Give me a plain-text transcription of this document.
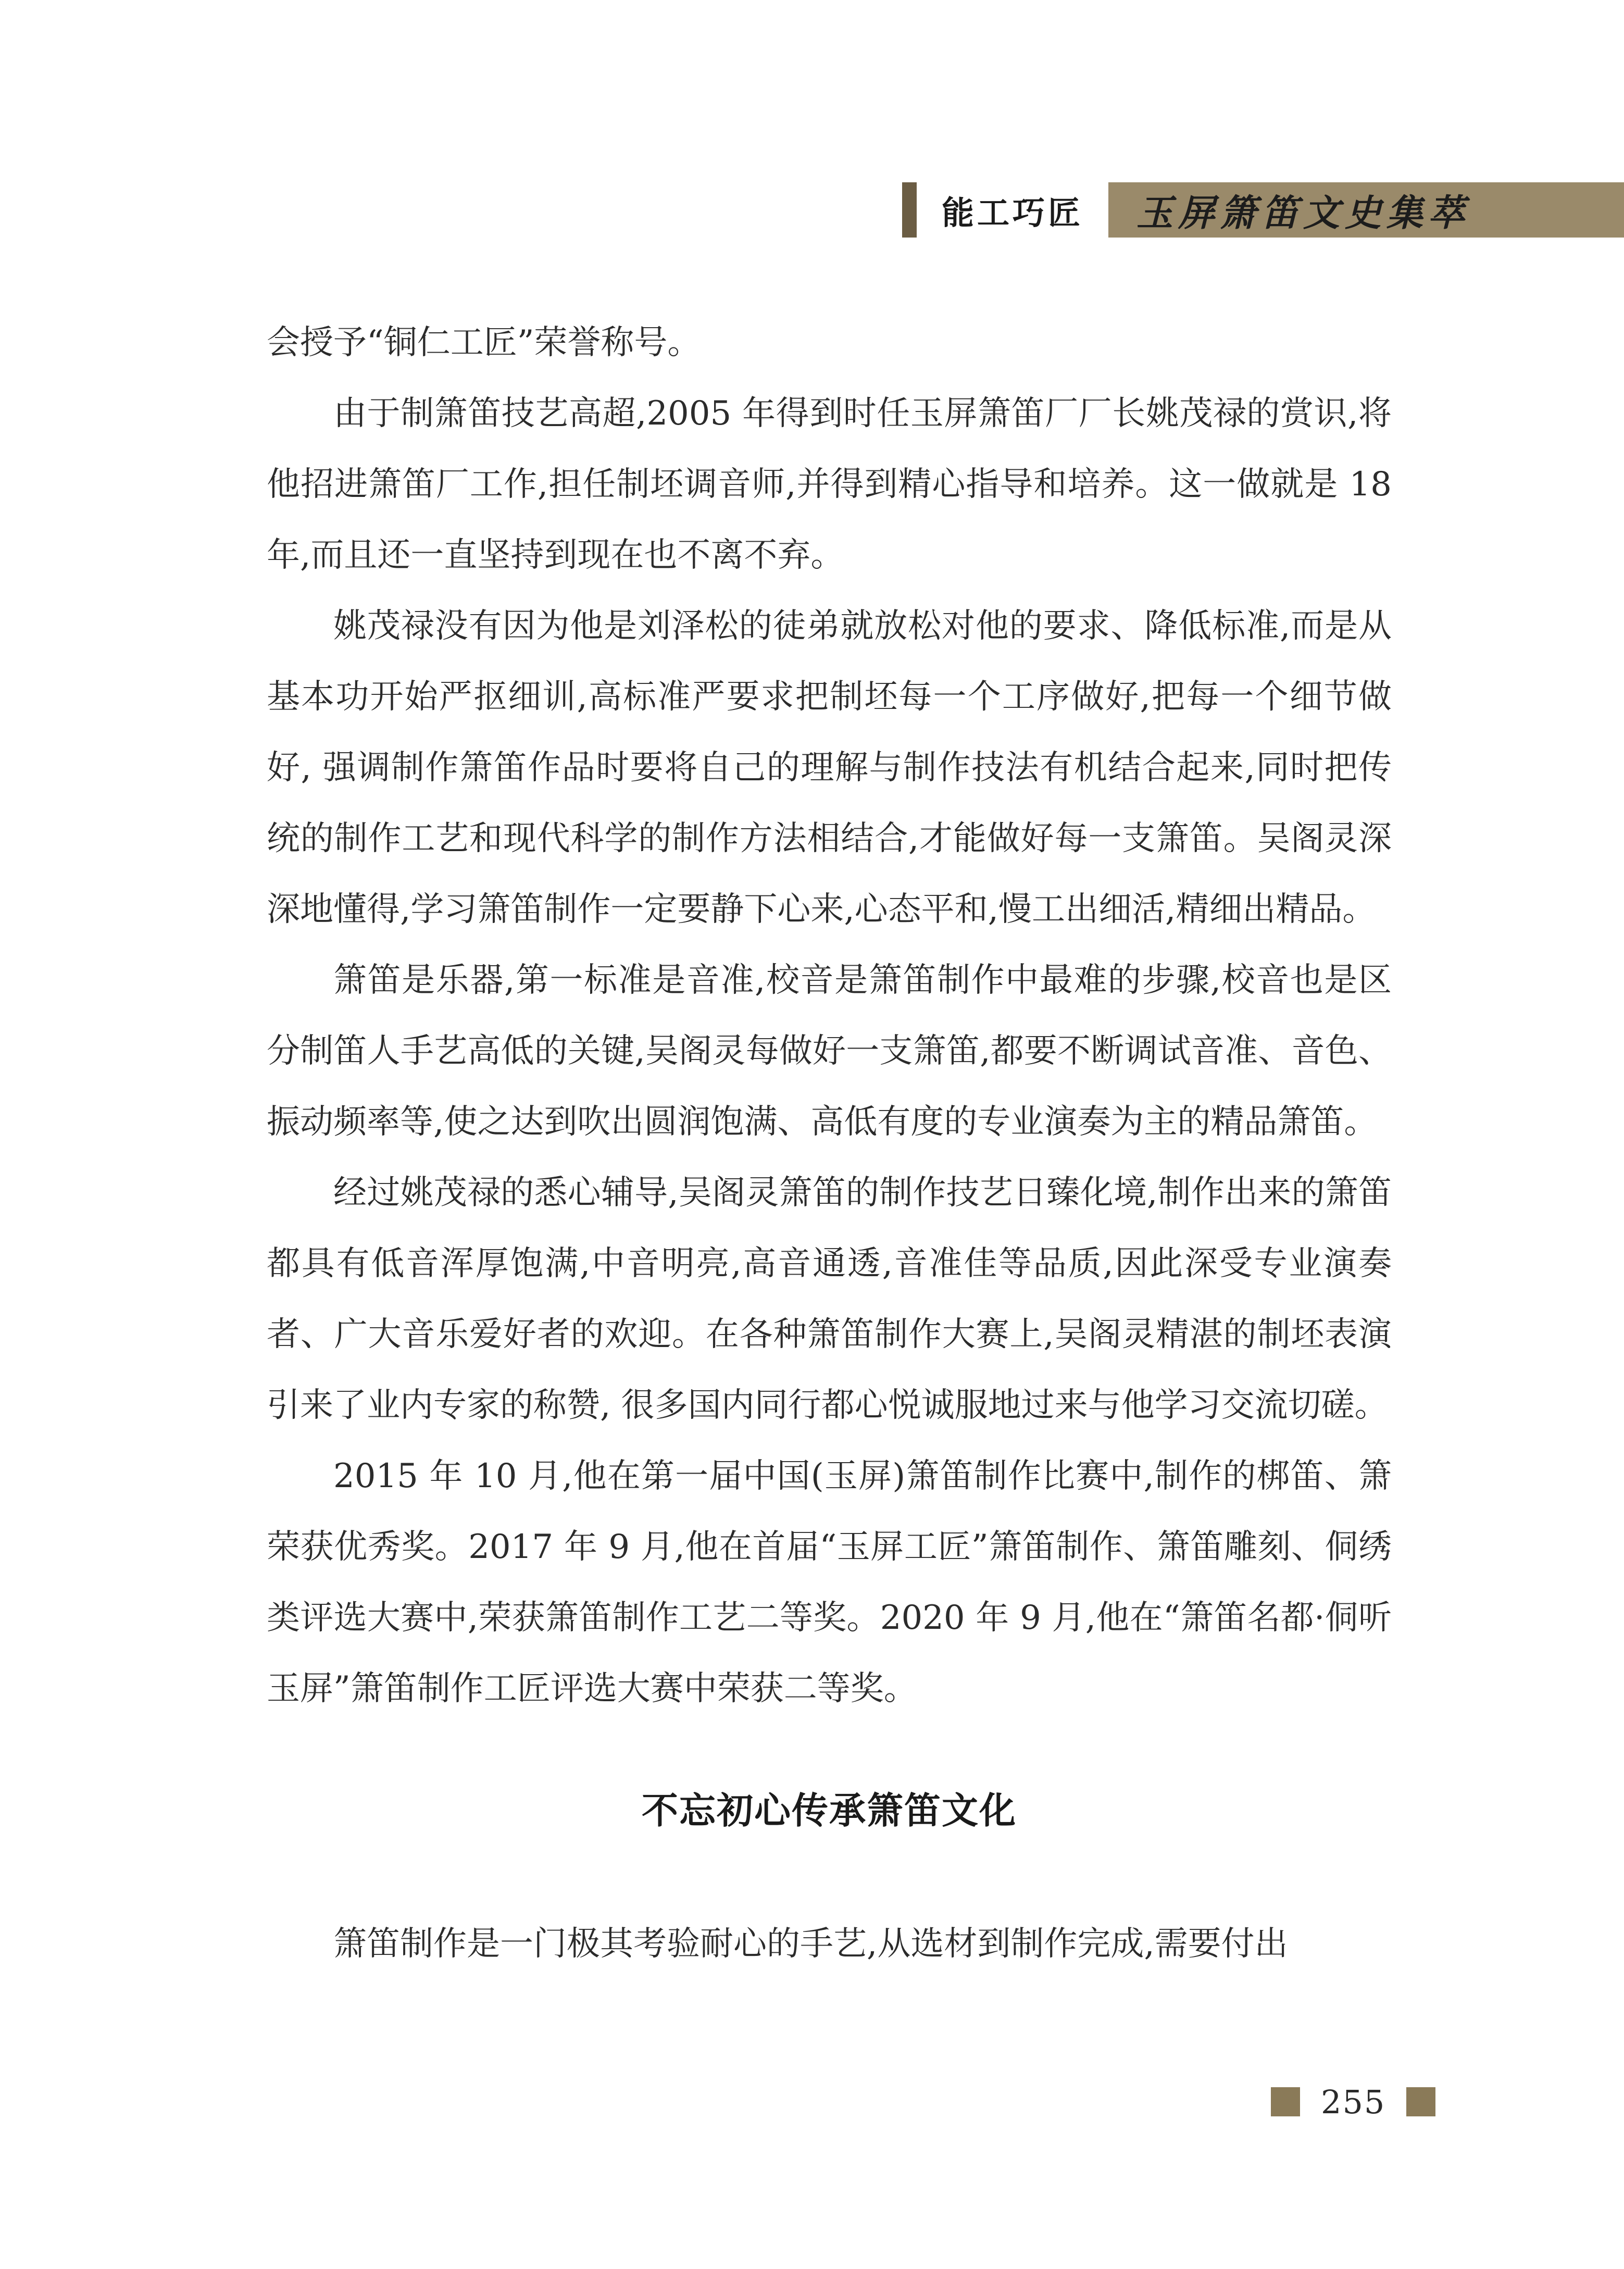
能工巧匠 玉屏箫笛文史集萃

会授予“铜仁工匠”荣誉称号。

由于制箫笛技艺高超,2005 年得到时任玉屏箫笛厂厂长姚茂禄的赏识,将他招进箫笛厂工作,担任制坯调音师,并得到精心指导和培养。这一做就是 18 年,而且还一直坚持到现在也不离不弃。

姚茂禄没有因为他是刘泽松的徒弟就放松对他的要求、降低标准,而是从基本功开始严抠细训,高标准严要求把制坯每一个工序做好,把每一个细节做好, 强调制作箫笛作品时要将自己的理解与制作技法有机结合起来,同时把传统的制作工艺和现代科学的制作方法相结合,才能做好每一支箫笛。吴阁灵深深地懂得,学习箫笛制作一定要静下心来,心态平和,慢工出细活,精细出精品。

箫笛是乐器,第一标准是音准,校音是箫笛制作中最难的步骤,校音也是区分制笛人手艺高低的关键,吴阁灵每做好一支箫笛,都要不断调试音准、音色、振动频率等,使之达到吹出圆润饱满、高低有度的专业演奏为主的精品箫笛。

经过姚茂禄的悉心辅导,吴阁灵箫笛的制作技艺日臻化境,制作出来的箫笛都具有低音浑厚饱满,中音明亮,高音通透,音准佳等品质,因此深受专业演奏者、广大音乐爱好者的欢迎。在各种箫笛制作大赛上,吴阁灵精湛的制坯表演引来了业内专家的称赞, 很多国内同行都心悦诚服地过来与他学习交流切磋。

2015 年 10 月,他在第一届中国(玉屏)箫笛制作比赛中,制作的梆笛、箫荣获优秀奖。2017 年 9 月,他在首届“玉屏工匠”箫笛制作、箫笛雕刻、侗绣类评选大赛中,荣获箫笛制作工艺二等奖。2020 年 9 月,他在“箫笛名都·侗听玉屏”箫笛制作工匠评选大赛中荣获二等奖。

不忘初心传承箫笛文化

箫笛制作是一门极其考验耐心的手艺,从选材到制作完成,需要付出

255
